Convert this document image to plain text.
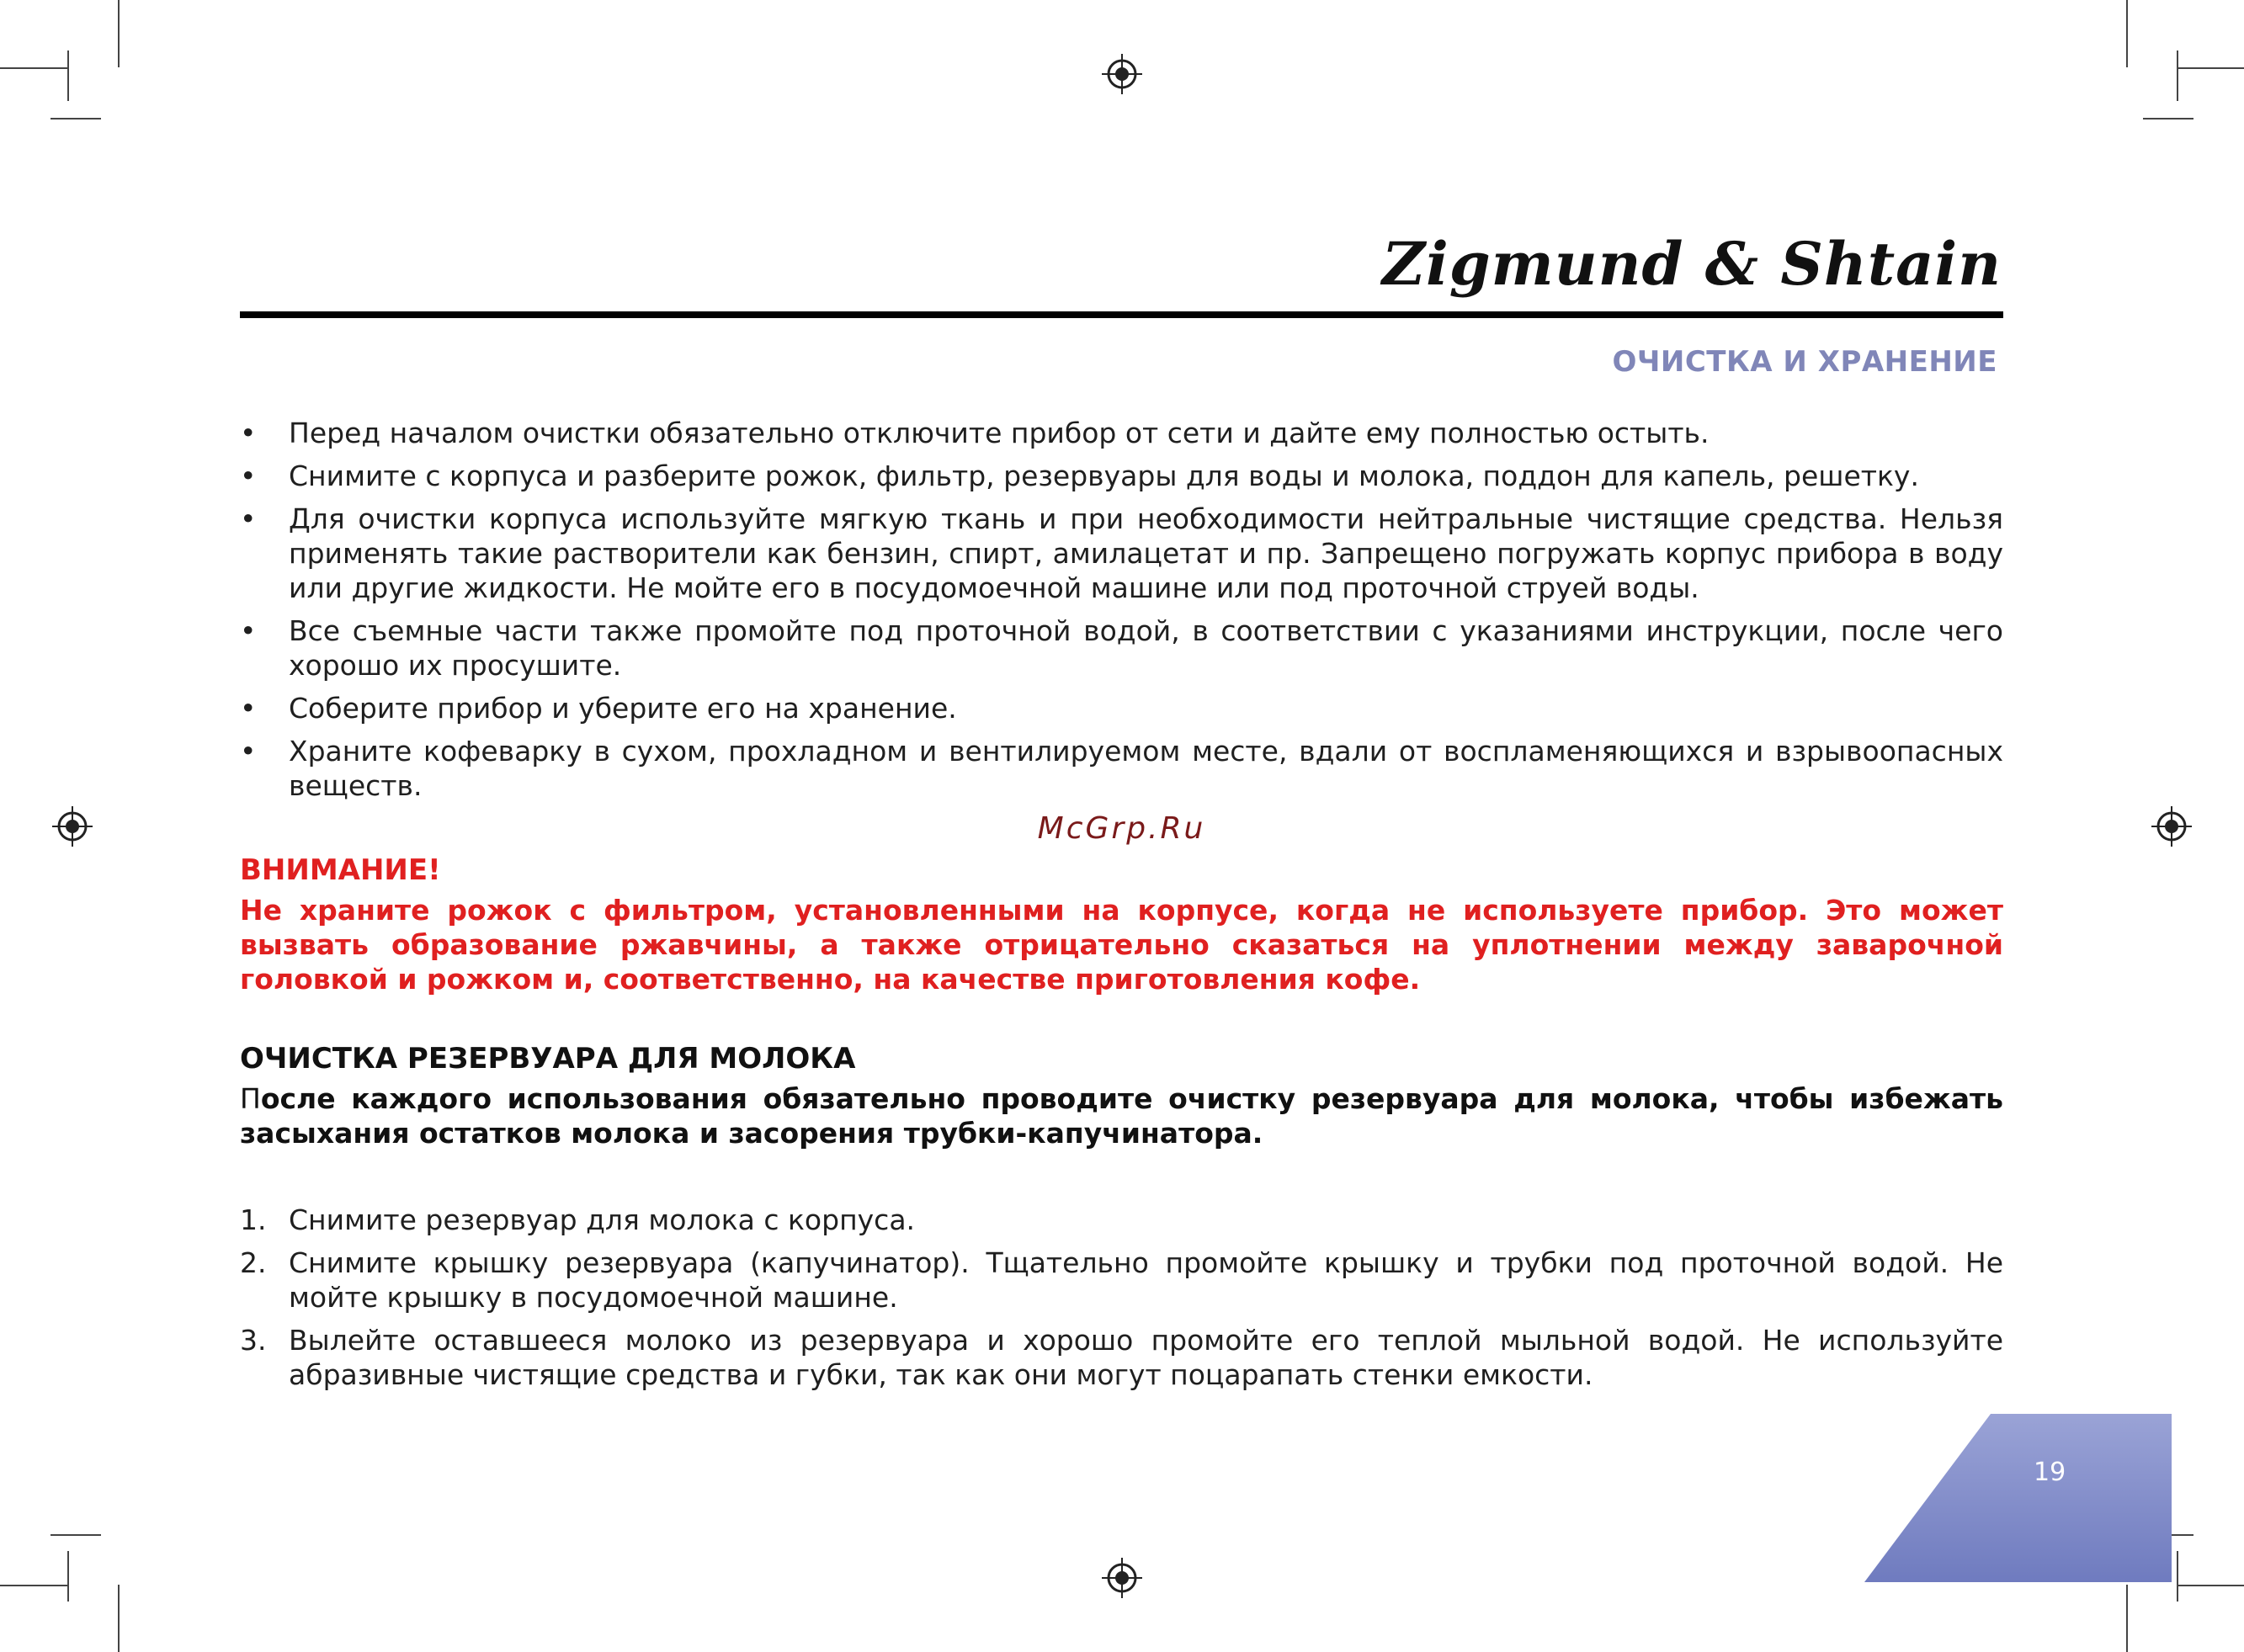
Zigmund & Shtain
ОЧИСТКА И ХРАНЕНИЕ
• Перед началом очистки обязательно отключите прибор от сети и дайте ему полностью остыть.
• Снимите с корпуса и разберите рожок, фильтр, резервуары для воды и молока, поддон для капель, решетку.
• Для очистки корпуса используйте мягкую ткань и при необходимости нейтральные чистящие средства. Нельзя применять такие растворители как бензин, спирт, амилацетат и пр. Запрещено погружать корпус прибора в воду или другие жидкости. Не мойте его в посудомоечной машине или под проточной струей воды.
• Все съемные части также промойте под проточной водой, в соответствии с указаниями инструкции, после чего хорошо их просушите.
• Соберите прибор и уберите его на хранение.
• Храните кофеварку в сухом, прохладном и вентилируемом месте, вдали от воспламеняющихся и взрывоопасных веществ.
McGrp.Ru
ВНИМАНИЕ!
Не храните рожок с фильтром, установленными на корпусе, когда не используете прибор. Это может вызвать образование ржавчины, а также отрицательно сказаться на уплотнении между заварочной головкой и рожком и, соответственно, на качестве приготовления кофе.
ОЧИСТКА РЕЗЕРВУАРА ДЛЯ МОЛОКА
После каждого использования обязательно проводите очистку резервуара для молока, чтобы избежать засыхания остатков молока и засорения трубки-капучинатора.
1. Снимите резервуар для молока с корпуса.
2. Снимите крышку резервуара (капучинатор). Тщательно промойте крышку и трубки под проточной водой. Не мойте крышку в посудомоечной машине.
3. Вылейте оставшееся молоко из резервуара и хорошо промойте его теплой мыльной водой. Не используйте абразивные чистящие средства и губки, так как они могут поцарапать стенки емкости.
19
